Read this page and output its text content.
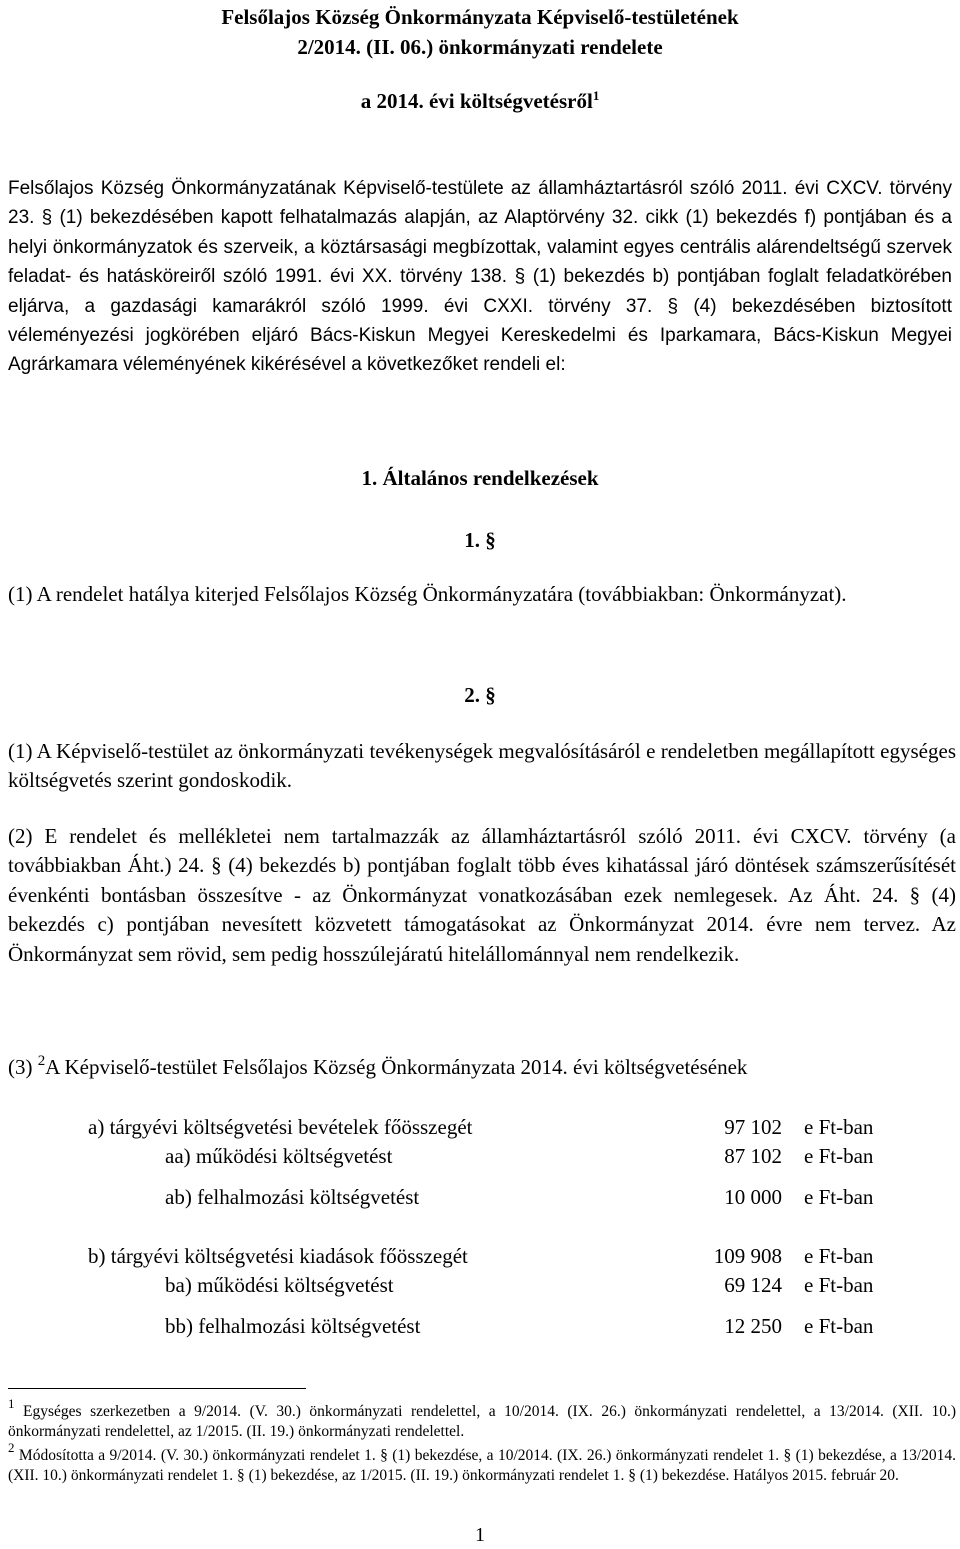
Felsőlajos Község Önkormányzata Képviselő-testületének
2/2014. (II. 06.) önkormányzati rendelete
a 2014. évi költségvetésről$^1$
Felsőlajos Község Önkormányzatának Képviselő-testülete az államháztartásról szóló 2011. évi CXCV. törvény 23. § (1) bekezdésében kapott felhatalmazás alapján, az Alaptörvény 32. cikk (1) bekezdés f) pontjában és a helyi önkormányzatok és szerveik, a köztársasági megbízottak, valamint egyes centrális alárendeltségű szervek feladat- és hatásköreiről szóló 1991. évi XX. törvény 138. § (1) bekezdés b) pontjában foglalt feladatkörében eljárva, a gazdasági kamarákról szóló 1999. évi CXXI. törvény 37. § (4) bekezdésében biztosított véleményezési jogkörében eljáró Bács-Kiskun Megyei Kereskedelmi és Iparkamara, Bács-Kiskun Megyei Agrárkamara véleményének kikérésével a következőket rendeli el:
1. Általános rendelkezések
1. §
(1) A rendelet hatálya kiterjed Felsőlajos Község Önkormányzatára (továbbiakban: Önkormányzat).
2. §
(1) A Képviselő-testület az önkormányzati tevékenységek megvalósításáról e rendeletben megállapított egységes költségvetés szerint gondoskodik.
(2) E rendelet és mellékletei nem tartalmazzák az államháztartásról szóló 2011. évi CXCV. törvény (a továbbiakban Áht.) 24. § (4) bekezdés b) pontjában foglalt több éves kihatással járó döntések számszerűsítését évenkénti bontásban összesítve - az Önkormányzat vonatkozásában ezek nemlegesek. Az Áht. 24. § (4) bekezdés c) pontjában nevesített közvetett támogatásokat az Önkormányzat 2014. évre nem tervez. Az Önkormányzat sem rövid, sem pedig hosszúlejáratú hitelállománnyal nem rendelkezik.
(3) $^2$A Képviselő-testület Felsőlajos Község Önkormányzata 2014. évi költségvetésének
a) tárgyévi költségvetési bevételek főösszegét	97 102 e Ft-ban
aa) működési költségvetést	87 102 e Ft-ban
ab) felhalmozási költségvetést	10 000 e Ft-ban
b) tárgyévi költségvetési kiadások főösszegét	109 908 e Ft-ban
ba) működési költségvetést	69 124 e Ft-ban
bb) felhalmozási költségvetést	12 250 e Ft-ban
$^1$ Egységes szerkezetben a 9/2014. (V. 30.) önkormányzati rendelettel, a 10/2014. (IX. 26.) önkormányzati rendelettel, a 13/2014. (XII. 10.) önkormányzati rendelettel, az 1/2015. (II. 19.) önkormányzati rendelettel.
$^2$ Módosította a 9/2014. (V. 30.) önkormányzati rendelet 1. § (1) bekezdése, a 10/2014. (IX. 26.) önkormányzati rendelet 1. § (1) bekezdése, a 13/2014. (XII. 10.) önkormányzati rendelet 1. § (1) bekezdése, az 1/2015. (II. 19.) önkormányzati rendelet 1. § (1) bekezdése. Hatályos 2015. február 20.
1
